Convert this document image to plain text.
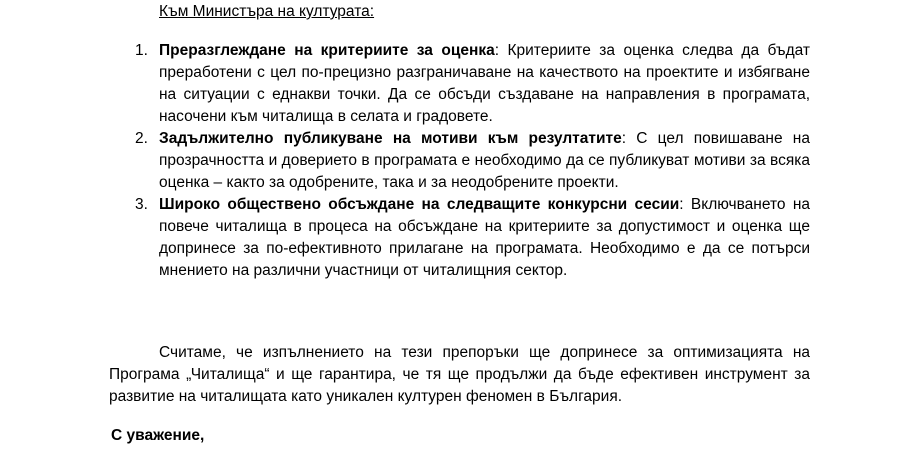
Към Министъра на културата:

1. Преразглеждане на критериите за оценка: Критериите за оценка следва да бъдат преработени с цел по-прецизно разграничаване на качеството на проектите и избягване на ситуации с еднакви точки. Да се обсъди създаване на направления в програмата, насочени към читалища в селата и градовете.

2. Задължително публикуване на мотиви към резултатите: С цел повишаване на прозрачността и доверието в програмата е необходимо да се публикуват мотиви за всяка оценка – както за одобрените, така и за неодобрените проекти.

3. Широко обществено обсъждане на следващите конкурсни сесии: Включването на повече читалища в процеса на обсъждане на критериите за допустимост и оценка ще допринесе за по-ефективното прилагане на програмата. Необходимо е да се потърси мнението на различни участници от читалищния сектор.

Считаме, че изпълнението на тези препоръки ще допринесе за оптимизацията на Програма „Читалища“ и ще гарантира, че тя ще продължи да бъде ефективен инструмент за развитие на читалищата като уникален културен феномен в България.

С уважение,
